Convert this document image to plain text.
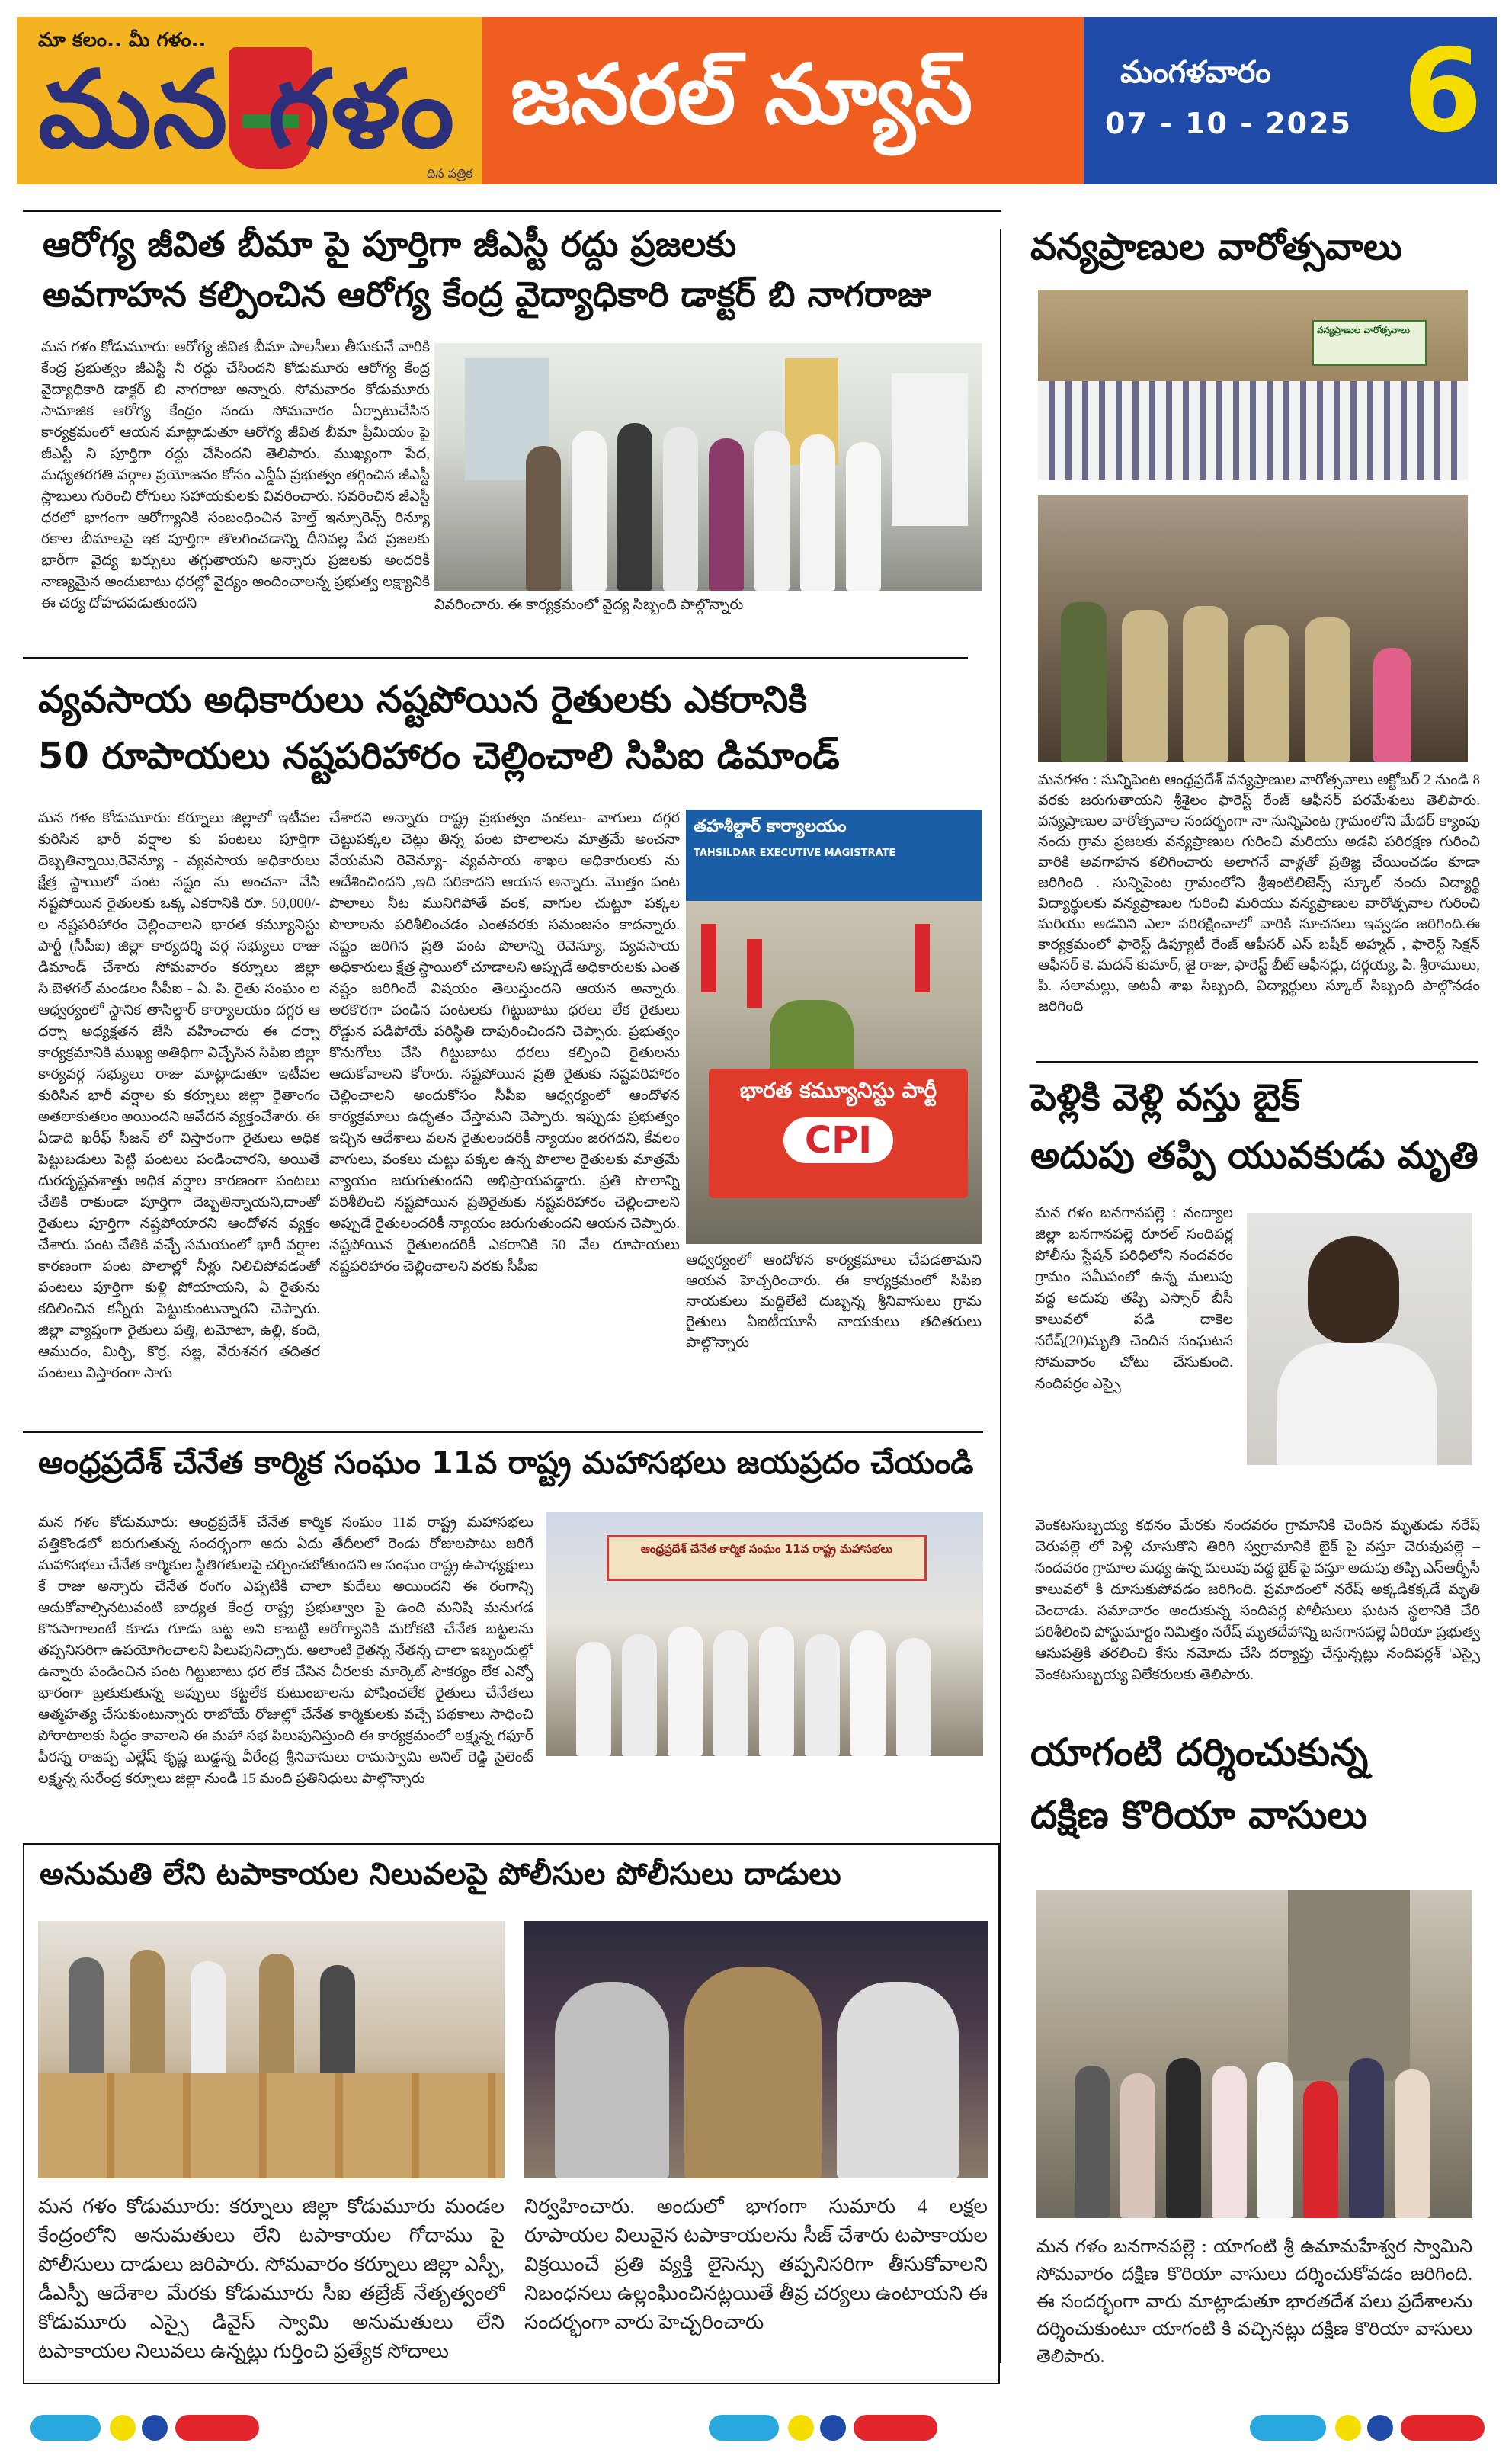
మా కలం.. మీ గళం..
మన గళం
దిన పత్రిక
జనరల్ న్యూస్	మంగళవారం
07 - 10 - 2025 6
ఆరోగ్య జీవిత బీమా పై పూర్తిగా జీఎస్టీ రద్దు ప్రజలకు
అవగాహన కల్పించిన ఆరోగ్య కేంద్ర వైద్యాధికారి డాక్టర్ బి నాగరాజు
మన గళం కోడుమూరు: ఆరోగ్య జీవిత బీమా పాలసీలు తీసుకునే వారికి కేంద్ర ప్రభుత్వం జీఎస్టీ నీ రద్దు చేసిందని కోడుమూరు ఆరోగ్య కేంద్ర వైద్యాధికారి డాక్టర్ బి నాగరాజు అన్నారు. సోమవారం కోడుమూరు సామాజిక ఆరోగ్య కేంద్రం నందు సోమవారం ఏర్పాటుచేసిన కార్యక్రమంలో ఆయన మాట్లాడుతూ ఆరోగ్య జీవిత బీమా ప్రీమియం పై జీఎస్టీ ని పూర్తిగా రద్దు చేసిందని తెలిపారు. ముఖ్యంగా పేద, మధ్యతరగతి వర్గాల ప్రయోజనం కోసం ఎన్డీఏ ప్రభుత్వం తగ్గించిన జీఎస్టీ స్లాబులు గురించి రోగులు సహాయకులకు వివరించారు. సవరించిన జీఎస్టీ ధరలో భాగంగా ఆరోగ్యానికి సంబంధించిన హెల్త్ ఇన్సూరెన్స్ రిన్యూ రకాల బీమాలపై ఇక పూర్తిగా తొలగించడాన్ని దీనివల్ల పేద ప్రజలకు భారీగా వైద్య ఖర్చులు తగ్గుతాయని అన్నారు ప్రజలకు అందరికీ నాణ్యమైన అందుబాటు ధరల్లో వైద్యం అందించాలన్న ప్రభుత్వ లక్ష్యానికి ఈ చర్య దోహదపడుతుందని	వివరించారు. ఈ కార్యక్రమంలో వైద్య సిబ్బంది పాల్గొన్నారు
వ్యవసాయ అధికారులు నష్టపోయిన రైతులకు ఎకరానికి
50 రూపాయలు నష్టపరిహారం చెల్లించాలి సిపిఐ డిమాండ్
మన గళం కోడుమూరు: కర్నూలు జిల్లాలో ఇటీవల కురిసిన భారీ వర్షాల కు పంటలు పూర్తిగా దెబ్బతిన్నాయి,రెవెన్యూ - వ్యవసాయ అధికారులు క్షేత్ర స్థాయిలో పంట నష్టం ను అంచనా వేసి నష్టపోయిన రైతులకు ఒక్క ఎకరానికి రూ. 50,000/- ల నష్టపరిహారం చెల్లించాలని భారత కమ్యూనిస్టు పార్టీ (సీపీఐ) జిల్లా కార్యదర్శి వర్గ సభ్యులు రాజు డిమాండ్ చేశారు సోమవారం కర్నూలు జిల్లా సి.బెళగల్ మండలం సీపీఐ - ఏ. పి. రైతు సంఘం ల ఆధ్వర్యంలో స్థానిక తాసిల్దార్ కార్యాలయం దగ్గర ఆ ధర్నా అధ్యక్షతన జేసి వహించారు ఈ ధర్నా కార్యక్రమానికి ముఖ్య అతిథిగా విచ్చేసిన సిపిఐ జిల్లా కార్యవర్గ సభ్యులు రాజు మాట్లాడుతూ ఇటీవల కురిసిన భారీ వర్షాల కు కర్నూలు జిల్లా రైతాంగం అతలాకుతలం అయిందని ఆవేదన వ్యక్తంచేశారు. ఈ ఏడాది ఖరీఫ్ సీజన్ లో విస్తారంగా రైతులు అధిక పెట్టుబడులు పెట్టి పంటలు పండించారని, అయితే దురదృష్టవశాత్తు అధిక వర్షాల కారణంగా పంటలు చేతికి రాకుండా పూర్తిగా దెబ్బతిన్నాయని,దాంతో రైతులు పూర్తిగా నష్టపోయారని ఆందోళన వ్యక్తం చేశారు. పంట చేతికి వచ్చే సమయంలో భారీ వర్షాల కారణంగా పంట పొలాల్లో నీళ్లు నిలిచిపోవడంతో పంటలు పూర్తిగా కుళ్లి పోయాయని, ఏ రైతును కదిలించిన కన్నీరు పెట్టుకుంటున్నారని చెప్పారు. జిల్లా వ్యాప్తంగా రైతులు పత్తి, టమోటా, ఉల్లి, కంది, ఆముదం, మిర్చి, కొర్ర, సజ్జ, వేరుశనగ తదితర పంటలు విస్తారంగా సాగు
చేశారని అన్నారు రాష్ట్ర ప్రభుత్వం వంకలు- వాగులు దగ్గర చెట్టుపక్కల చెట్లు తిన్న పంట పొలాలను మాత్రమే అంచనా వేయమని రెవెన్యూ- వ్యవసాయ శాఖల అధికారులకు ను ఆదేశించిందని ,ఇది సరికాదని ఆయన అన్నారు. మొత్తం పంట పొలాలు నీట మునిగిపోతే వంక, వాగుల చుట్టూ పక్కల పొలాలను పరిశీలించడం ఎంతవరకు సమంజసం కాదన్నారు. నష్టం జరిగిన ప్రతి పంట పొలాన్ని రెవెన్యూ, వ్యవసాయ అధికారులు క్షేత్ర స్థాయిలో చూడాలని అప్పుడే అధికారులకు ఎంత నష్టం జరిగిందే విషయం తెలుస్తుందని ఆయన అన్నారు. అరకొరగా పండిన పంటలకు గిట్టుబాటు ధరలు లేక రైతులు రోడ్డున పడిపోయే పరిస్థితి దాపురించిందని చెప్పారు. ప్రభుత్వం కొనుగోలు చేసి గిట్టుబాటు ధరలు కల్పించి రైతులను ఆదుకోవాలని కోరారు. నష్టపోయిన ప్రతి రైతుకు నష్టపరిహారం చెల్లించాలని అందుకోసం సీపీఐ ఆధ్వర్యంలో ఆందోళన కార్యక్రమాలు ఉధృతం చేస్తామని చెప్పారు. ఇప్పుడు ప్రభుత్వం ఇచ్చిన ఆదేశాలు వలన రైతులందరికీ న్యాయం జరగదని, కేవలం వాగులు, వంకలు చుట్టు పక్కల ఉన్న పొలాల రైతులకు మాత్రమే న్యాయం జరుగుతుందని అభిప్రాయపడ్డారు. ప్రతి పొలాన్ని పరిశీలించి నష్టపోయిన ప్రతిరైతుకు నష్టపరిహారం చెల్లించాలని అప్పుడే రైతులందరికీ న్యాయం జరుగుతుందని ఆయన చెప్పారు. నష్టపోయిన రైతులందరికీ ఎకరానికి 50 వేల రూపాయలు నష్టపరిహారం చెల్లించాలని వరకు సీపీఐ
తహశీల్దార్ కార్యాలయం
TAHSILDAR EXECUTIVE MAGISTRATE
భారత కమ్యూనిస్టు పార్టీ
CPI
ఆధ్వర్యంలో ఆందోళన కార్యక్రమాలు చేపడతామని ఆయన హెచ్చరించారు. ఈ కార్యక్రమంలో సిపిఐ నాయకులు మద్దిలేటి దుబ్బన్న శ్రీనివాసులు గ్రామ రైతులు ఏఐటీయూసీ నాయకులు తదితరులు పాల్గొన్నారు
ఆంధ్రప్రదేశ్ చేనేత కార్మిక సంఘం 11వ రాష్ట్ర మహాసభలు జయప్రదం చేయండి
మన గళం కోడుమూరు: ఆంధ్రప్రదేశ్ చేనేత కార్మిక సంఘం 11వ రాష్ట్ర మహాసభలు పత్తికొండలో జరుగుతున్న సందర్భంగా ఆదు ఏదు తేదీలలో రెండు రోజులపాటు జరిగే మహాసభలు చేనేత కార్మికుల స్థితిగతులపై చర్చించబోతుందని ఆ సంఘం రాష్ట్ర ఉపాధ్యక్షులు కే రాజు అన్నారు చేనేత రంగం ఎప్పటికీ చాలా కుదేలు అయిందని ఈ రంగాన్ని ఆదుకోవాల్సినటువంటి బాధ్యత కేంద్ర రాష్ట్ర ప్రభుత్వాల పై ఉంది మనిషి మనుగడ కొనసాగాలంటే కూడు గూడు బట్ట అని కాబట్టి ఆరోగ్యానికి మరోకటి చేనేత బట్టలను తప్పనిసరిగా ఉపయోగించాలని పిలుపునిచ్చారు. అలాంటి రైతన్న నేతన్న చాలా ఇబ్బందుల్లో ఉన్నారు పండించిన పంట గిట్టుబాటు ధర లేక చేసిన చీరలకు మార్కెట్ సౌకర్యం లేక ఎన్నో భారంగా బ్రతుకుతున్న అప్పులు కట్టలేక కుటుంబాలను పోషించలేక రైతులు చేనేతలు ఆత్మహత్య చేసుకుంటున్నారు రాబోయే రోజుల్లో చేనేత కార్మికులకు వచ్చే పథకాలు సాధించి పోరాటాలకు సిద్ధం కావాలని ఈ మహా సభ పిలుపునిస్తుంది ఈ కార్యక్రమంలో లక్ష్మన్న గఫూర్ పీరన్న రాజప్ప ఎల్లేష్ కృష్ణ బుడ్డన్న వీరేంద్ర శ్రీనివాసులు రామస్వామి అనిల్ రెడ్డి సైలెంట్ లక్ష్మన్న సురేంద్ర కర్నూలు జిల్లా నుండి 15 మంది ప్రతినిధులు పాల్గొన్నారు
ఆంధ్రప్రదేశ్ చేనేత కార్మిక సంఘం 11వ రాష్ట్ర మహాసభలు
అనుమతి లేని టపాకాయల నిలువలపై పోలీసుల పోలీసులు దాడులు
మన గళం కోడుమూరు: కర్నూలు జిల్లా కోడుమూరు మండల కేంద్రంలోని అనుమతులు లేని టపాకాయల గోదాము పై పోలీసులు దాడులు జరిపారు. సోమవారం కర్నూలు జిల్లా ఎస్పీ, డీఎస్పీ ఆదేశాల మేరకు కోడుమూరు సీఐ తబ్రేజ్ నేతృత్వంలో కోడుమూరు ఎస్సై డివైస్ స్వామి అనుమతులు లేని టపాకాయల నిలువలు ఉన్నట్లు గుర్తించి ప్రత్యేక సోదాలు
నిర్వహించారు. అందులో భాగంగా సుమారు 4 లక్షల రూపాయల విలువైన టపాకాయలను సీజ్ చేశారు టపాకాయల విక్రయించే ప్రతి వ్యక్తి లైసెన్సు తప్పనిసరిగా తీసుకోవాలని నిబంధనలు ఉల్లంఘించినట్లయితే తీవ్ర చర్యలు ఉంటాయని ఈ సందర్భంగా వారు హెచ్చరించారు
వన్యప్రాణుల వారోత్సవాలు
వన్యప్రాణుల వారోత్సవాలు
మనగళం : సున్నిపెంట ఆంధ్రప్రదేశ్ వన్యప్రాణుల వారోత్సవాలు అక్టోబర్ 2 నుండి 8 వరకు జరుగుతాయని శ్రీశైలం ఫారెస్ట్ రేంజ్ ఆఫీసర్ పరమేశులు తెలిపారు. వన్యప్రాణుల వారోత్సవాల సందర్భంగా నా సున్నిపెంట గ్రామంలోని మేదర్ క్యాంపు నందు గ్రామ ప్రజలకు వన్యప్రాణుల గురించి మరియు అడవి పరిరక్షణ గురించి వారికి అవగాహన కలిగించారు అలాగనే వాళ్లతో ప్రతిజ్ఞ చేయించడం కూడా జరిగింది . సున్నిపెంట గ్రామంలోని శ్రీఇంటిలిజెన్స్ స్కూల్ నందు విద్యార్థి విద్యార్థులకు వన్యప్రాణుల గురించి మరియు వన్యప్రాణుల వారోత్సవాల గురించి మరియు అడవిని ఎలా పరిరక్షించాలో వారికి సూచనలు ఇవ్వడం జరిగింది.ఈ కార్యక్రమంలో ఫారెస్ట్ డిప్యూటీ రేంజ్ ఆఫీసర్ ఎస్ బషీర్ అహ్మద్ , ఫారెస్ట్ సెక్షన్ ఆఫీసర్ కె. మదన్ కుమార్, జై రాజు, ఫారెస్ట్ బీట్ ఆఫీసర్లు, దర్గయ్య, పి. శ్రీరాములు, పి. సలామల్లు, అటవీ శాఖ సిబ్బంది, విద్యార్థులు స్కూల్ సిబ్బంది పాల్గొనడం జరిగింది
పెళ్లికి వెళ్లి వస్తు బైక్
అదుపు తప్పి యువకుడు మృతి
మన గళం బనగానపల్లె : నంద్యాల జిల్లా బనగానపల్లె రూరల్ సందిపర్ల పోలీసు స్టేషన్ పరిధిలోని నందవరం గ్రామం సమీపంలో ఉన్న మలుపు వద్ద అదుపు తప్పి ఎస్సార్ బీసీ కాలువలో పడి దాకెల నరేష్(20)మృతి చెందిన సంఘటన సోమవారం చోటు చేసుకుంది. నందిపర్రం ఎస్సై
వెంకటసుబ్బయ్య కథనం మేరకు నందవరం గ్రామానికి చెందిన మృతుడు నరేష్ చెరుపల్లె లో పెళ్లి చూసుకొని తిరిగి స్వగ్రామానికి బైక్ పై వస్తూ చెరువుపల్లె – నందవరం గ్రామాల మధ్య ఉన్న మలుపు వద్ద బైక్ పై వస్తూ అదుపు తప్పి ఎస్ఆర్బీసీ కాలువలో కి దూసుకుపోవడం జరిగింది. ప్రమాదంలో నరేష్ అక్కడికక్కడే మృతి చెందాడు. సమాచారం అందుకున్న సందిపర్ల పోలీసులు ఘటన స్థలానికి చేరి పరిశీలించి పోస్టుమార్టం నిమిత్తం నరేష్ మృతదేహాన్ని బనగానపల్లె ఏరియా ప్రభుత్వ ఆసుపత్రికి తరలించి కేసు నమోదు చేసి దర్యాప్తు చేస్తున్నట్లు నందిపర్లశ్ 'ఎస్సై వెంకటసుబ్బయ్య విలేకరులకు తెలిపారు.
యాగంటి దర్శించుకున్న
దక్షిణ కొరియా వాసులు
మన గళం బనగానపల్లె : యాగంటి శ్రీ ఉమామహేశ్వర స్వామిని సోమవారం దక్షిణ కొరియా వాసులు దర్శించుకోవడం జరిగింది. ఈ సందర్భంగా వారు మాట్లాడుతూ భారతదేశ పలు ప్రదేశాలను దర్శించుకుంటూ యాగంటి కి వచ్చినట్లు దక్షిణ కొరియా వాసులు తెలిపారు.
